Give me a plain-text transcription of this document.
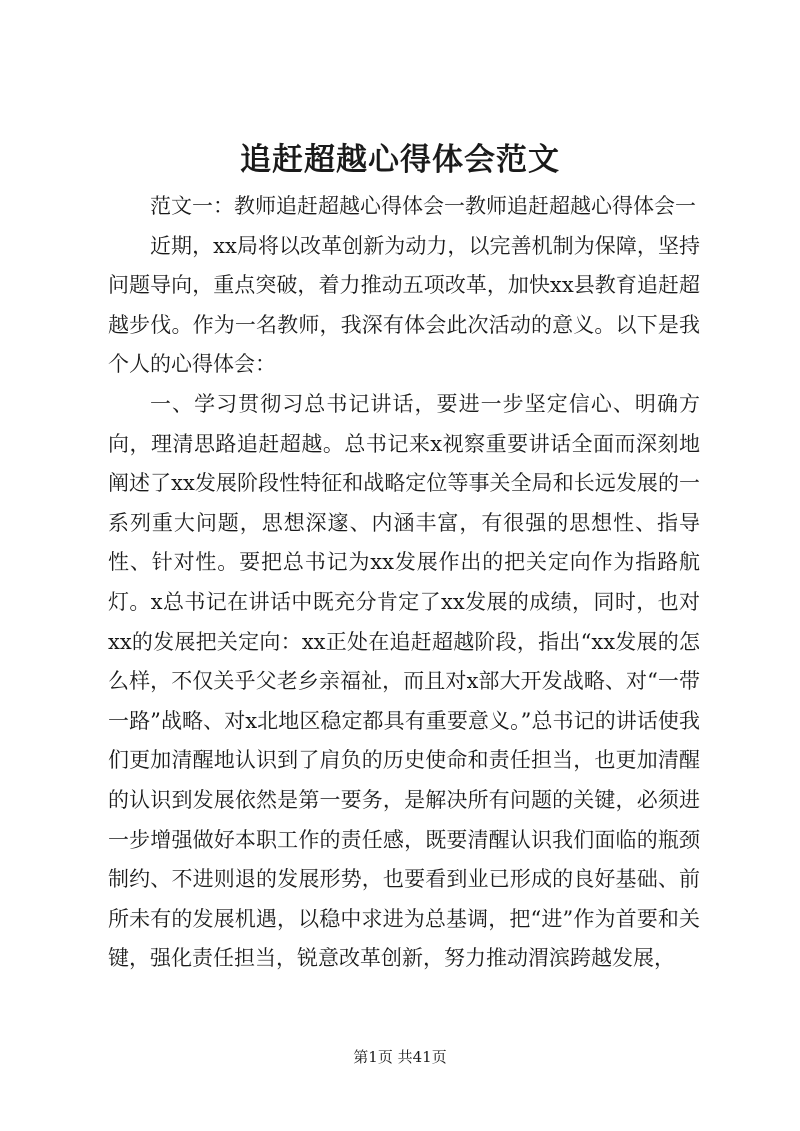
追赶超越心得体会范文

范文一：教师追赶超越心得体会一教师追赶超越心得体会一

近期，xx局将以改革创新为动力，以完善机制为保障，坚持问题导向，重点突破，着力推动五项改革，加快xx县教育追赶超越步伐。作为一名教师，我深有体会此次活动的意义。以下是我个人的心得体会：

一、学习贯彻习总书记讲话，要进一步坚定信心、明确方向，理清思路追赶超越。总书记来x视察重要讲话全面而深刻地阐述了xx发展阶段性特征和战略定位等事关全局和长远发展的一系列重大问题，思想深邃、内涵丰富，有很强的思想性、指导性、针对性。要把总书记为xx发展作出的把关定向作为指路航灯。x总书记在讲话中既充分肯定了xx发展的成绩，同时，也对xx的发展把关定向：xx正处在追赶超越阶段，指出“xx发展的怎么样，不仅关乎父老乡亲福祉，而且对x部大开发战略、对“一带一路”战略、对x北地区稳定都具有重要意义。”总书记的讲话使我们更加清醒地认识到了肩负的历史使命和责任担当，也更加清醒的认识到发展依然是第一要务，是解决所有问题的关键，必须进一步增强做好本职工作的责任感，既要清醒认识我们面临的瓶颈制约、不进则退的发展形势，也要看到业已形成的良好基础、前所未有的发展机遇，以稳中求进为总基调，把“进”作为首要和关键，强化责任担当，锐意改革创新，努力推动渭滨跨越发展，

第1页 共41页
